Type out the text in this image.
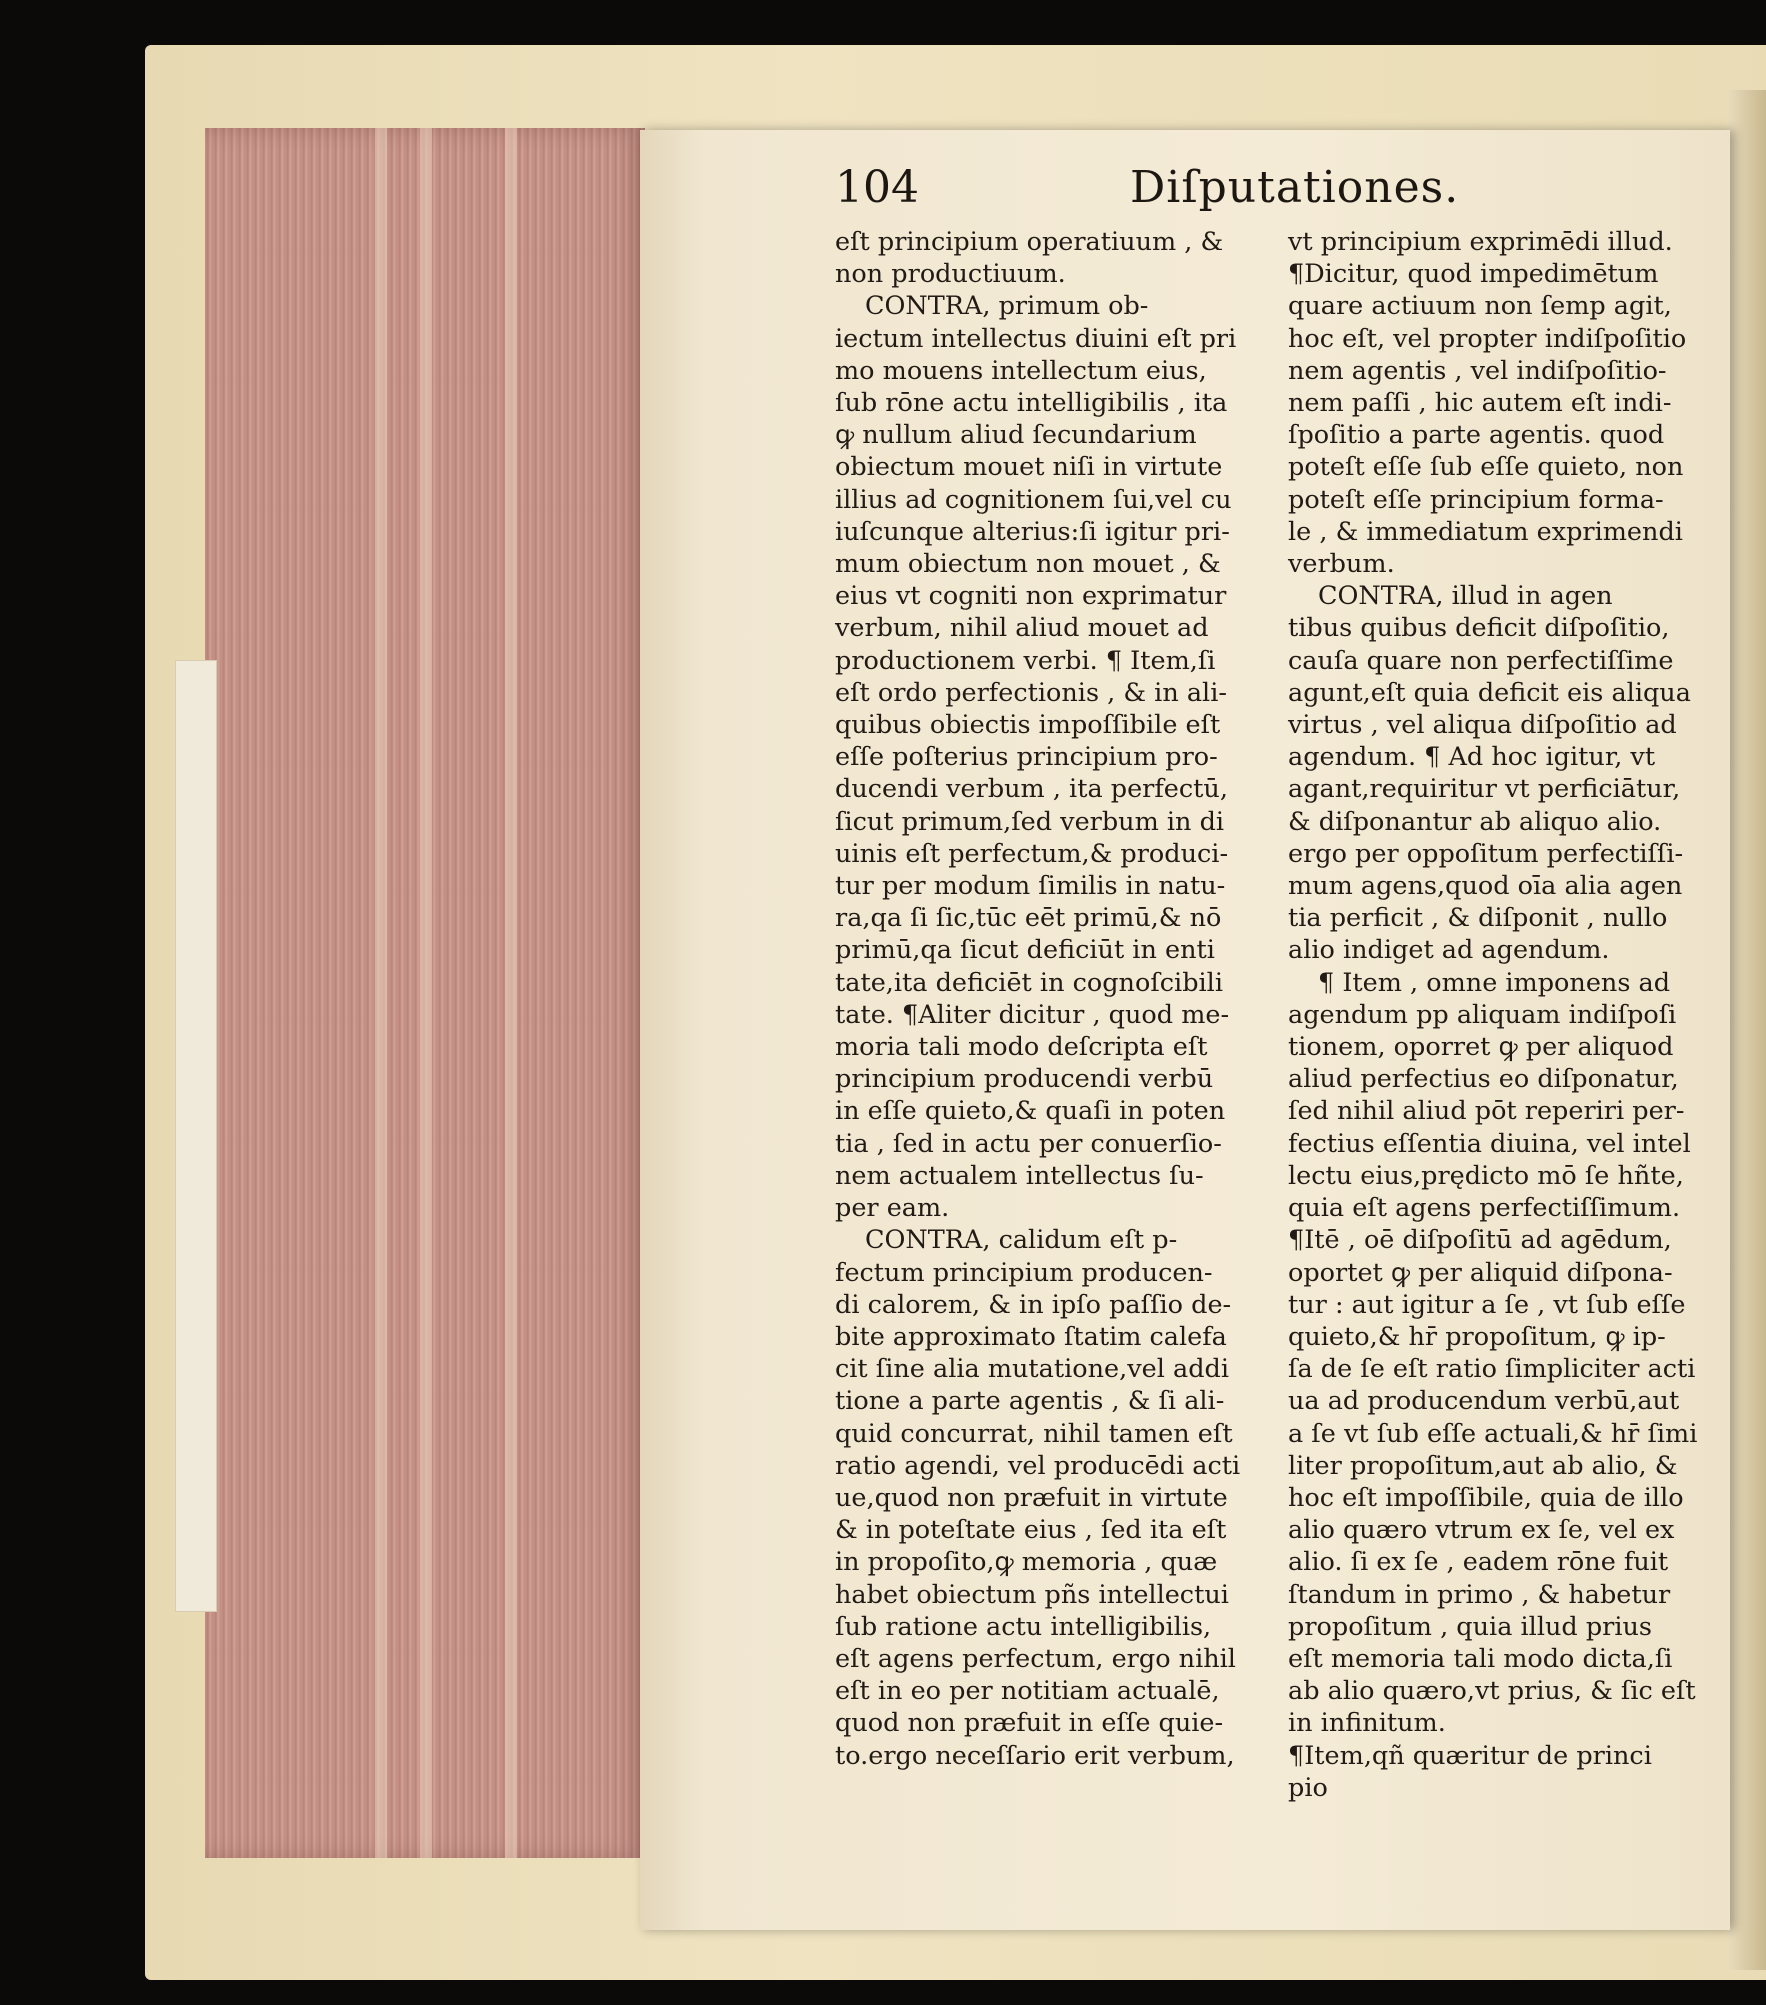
104	Diſputationes.
eſt principium operatiuum , &
non productiuum.
CONTRA, primum ob-
iectum intellectus diuini eſt pri
mo mouens intellectum eius,
ſub rōne actu intelligibilis , ita
ꝙ nullum aliud ſecundarium
obiectum mouet niſi in virtute
illius ad cognitionem ſui,vel cu
iuſcunque alterius:ſi igitur pri-
mum obiectum non mouet , &
eius vt cogniti non exprimatur
verbum, nihil aliud mouet ad
productionem verbi. ¶ Item,ſi
eſt ordo perfectionis , & in ali-
quibus obiectis impoſſibile eſt
eſſe poſterius principium pro-
ducendi verbum , ita perfectū,
ſicut primum,ſed verbum in di
uinis eſt perfectum,& produci-
tur per modum ſimilis in natu-
ra,qa ſi ſic,tūc eēt primū,& nō
primū,qa ſicut deficiūt in enti
tate,ita deficiēt in cognoſcibili
tate. ¶Aliter dicitur , quod me-
moria tali modo deſcripta eſt
principium producendi verbū
in eſſe quieto,& quaſi in poten
tia , ſed in actu per conuerſio-
nem actualem intellectus ſu-
per eam.
CONTRA, calidum eſt p-
fectum principium producen-
di calorem, & in ipſo paſſio de-
bite approximato ſtatim calefa
cit ſine alia mutatione,vel addi
tione a parte agentis , & ſi ali-
quid concurrat, nihil tamen eſt
ratio agendi, vel producēdi acti
ue,quod non præfuit in virtute
& in poteſtate eius , ſed ita eſt
in propoſito,ꝙ memoria , quæ
habet obiectum pñs intellectui
ſub ratione actu intelligibilis,
eſt agens perfectum, ergo nihil
eſt in eo per notitiam actualē,
quod non præfuit in eſſe quie-
to.ergo neceſſario erit verbum,
vt principium exprimēdi illud.
¶Dicitur, quod impedimētum
quare actiuum non ſemp agit,
hoc eſt, vel propter indiſpoſitio
nem agentis , vel indiſpoſitio-
nem paſſi , hic autem eſt indi-
ſpoſitio a parte agentis. quod
poteſt eſſe ſub eſſe quieto, non
poteſt eſſe principium forma-
le , & immediatum exprimendi
verbum.
CONTRA, illud in agen
tibus quibus deficit diſpoſitio,
cauſa quare non perfectiſſime
agunt,eſt quia deficit eis aliqua
virtus , vel aliqua diſpoſitio ad
agendum. ¶ Ad hoc igitur, vt
agant,requiritur vt perficiātur,
& diſponantur ab aliquo alio.
ergo per oppoſitum perfectiſſi-
mum agens,quod oīa alia agen
tia perficit , & diſponit , nullo
alio indiget ad agendum.
¶ Item , omne imponens ad
agendum pp aliquam indiſpoſi
tionem, oporret ꝙ per aliquod
aliud perfectius eo diſponatur,
ſed nihil aliud pōt reperiri per-
fectius eſſentia diuina, vel intel
lectu eius,prędicto mō ſe hñte,
quia eſt agens perfectiſſimum.
¶Itē , oē diſpoſitū ad agēdum,
oportet ꝙ per aliquid diſpona-
tur : aut igitur a ſe , vt ſub eſſe
quieto,& hr̄ propoſitum, ꝙ ip-
ſa de ſe eſt ratio ſimpliciter acti
ua ad producendum verbū,aut
a ſe vt ſub eſſe actuali,& hr̄ ſimi
liter propoſitum,aut ab alio, &
hoc eſt impoſſibile, quia de illo
alio quæro vtrum ex ſe, vel ex
alio. ſi ex ſe , eadem rōne fuit
ſtandum in primo , & habetur
propoſitum , quia illud prius
eſt memoria tali modo dicta,ſi
ab alio quæro,vt prius, & ſic eſt
in infinitum.
¶Item,qñ quæritur de princi
pio
